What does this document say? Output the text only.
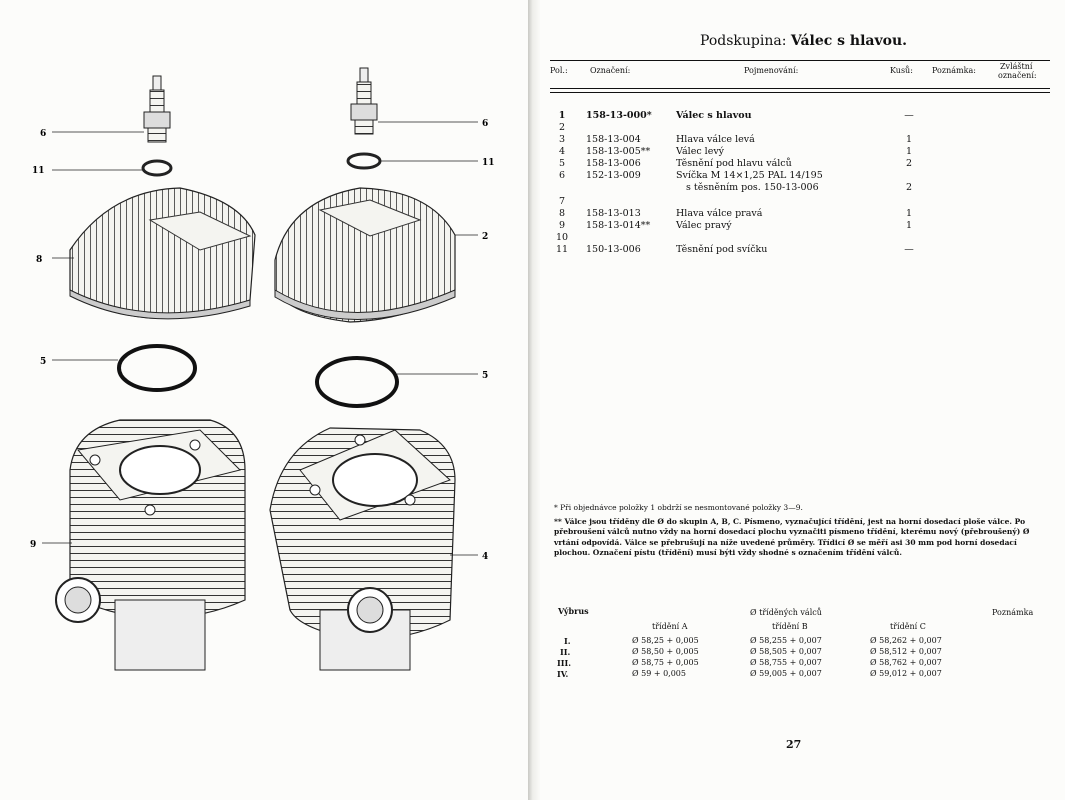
6
11
8
5
9
6
11
2
5
4
Podskupina: Válec s hlavou.
Pol.:	Označení:	Pojmenování:	Kusů: Poznámka:	Zvláštní
označení:
1	158-13-000*	Válec s hlavou	—
2
3	158-13-004	Hlava válce levá	1
4	158-13-005**	Válec levý	1
5	158-13-006	Těsnění pod hlavu válců	2
6	152-13-009	Svíčka M 14×1,25 PAL 14/195
s těsněním pos. 150-13-006	2
7
8	158-13-013	Hlava válce pravá	1
9	158-13-014**	Válec pravý	1
10
11	150-13-006	Těsnění pod svíčku	—

* Při objednávce položky 1 obdrží se nesmontované položky 3—9.

** Válce jsou tříděny dle Ø do skupin A, B, C. Písmeno, vyznačující třídění, jest na horní dosedací ploše válce. Po přebroušení válců nutno vždy na horní dosedací plochu vyznačiti písmeno třídění, kterému nový (přebroušený) Ø vrtání odpovídá. Válce se přebrušují na níže uvedené průměry. Třídicí Ø se měří asi 30 mm pod horní dosedací plochou. Označení pístu (třídění) musí býti vždy shodné s označením třídění válců.

Výbrus	Ø tříděných válců	Poznámka
třídění A	třídění B	třídění C
I.	Ø 58,25 + 0,005	Ø 58,255 + 0,007	Ø 58,262 + 0,007
II.	Ø 58,50 + 0,005	Ø 58,505 + 0,007	Ø 58,512 + 0,007
III.	Ø 58,75 + 0,005	Ø 58,755 + 0,007	Ø 58,762 + 0,007
IV.	Ø 59 + 0,005	Ø 59,005 + 0,007	Ø 59,012 + 0,007
27
